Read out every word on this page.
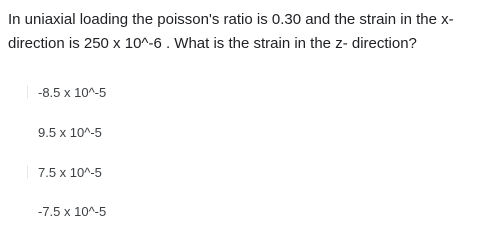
In uniaxial loading the poisson's ratio is 0.30 and the strain in the x-direction is 250 x 10^-6 . What is the strain in the z- direction?

-8.5 x 10^-5
9.5 x 10^-5
7.5 x 10^-5
-7.5 x 10^-5
